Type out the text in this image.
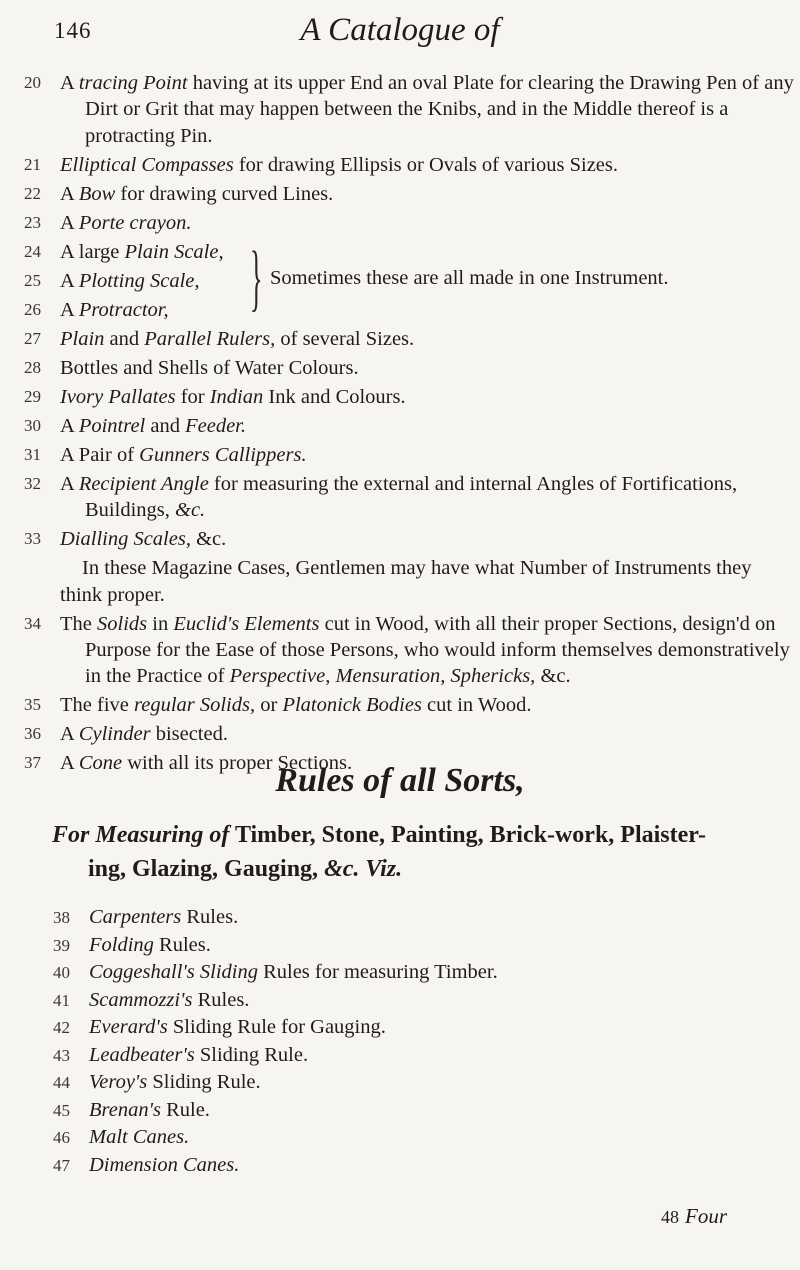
146	A Catalogue of
20 A tracing Point having at its upper End an oval Plate for clearing the Drawing Pen of any Dirt or Grit that may happen between the Knibs, and in the Middle thereof is a protracting Pin.
21 Elliptical Compasses for drawing Ellipsis or Ovals of various Sizes.
22 A Bow for drawing curved Lines.
23 A Porte crayon.
24 A large Plain Scale,
25 A Plotting Scale,
26 A Protractor,	} Sometimes these are all made in one Instrument.
27 Plain and Parallel Rulers, of several Sizes.
28 Bottles and Shells of Water Colours.
29 Ivory Pallates for Indian Ink and Colours.
30 A Pointrel and Feeder.
31 A Pair of Gunners Callippers.
32 A Recipient Angle for measuring the external and internal Angles of Fortifications, Buildings, &c.
33 Dialling Scales, &c.
In these Magazine Cases, Gentlemen may have what Number of Instruments they think proper.
34 The Solids in Euclid's Elements cut in Wood, with all their proper Sections, design'd on Purpose for the Ease of those Persons, who would inform themselves demonstratively in the Practice of Perspective, Mensuration, Sphericks, &c.
35 The five regular Solids, or Platonick Bodies cut in Wood.
36 A Cylinder bisected.
37 A Cone with all its proper Sections.
Rules of all Sorts,
For Measuring of Timber, Stone, Painting, Brick-work, Plaister-
ing, Glazing, Gauging, &c. Viz.
38 Carpenters Rules.
39 Folding Rules.
40 Coggeshall's Sliding Rules for measuring Timber.
41 Scammozzi's Rules.
42 Everard's Sliding Rule for Gauging.
43 Leadbeater's Sliding Rule.
44 Veroy's Sliding Rule.
45 Brenan's Rule.
46 Malt Canes.
47 Dimension Canes.
48 Four
